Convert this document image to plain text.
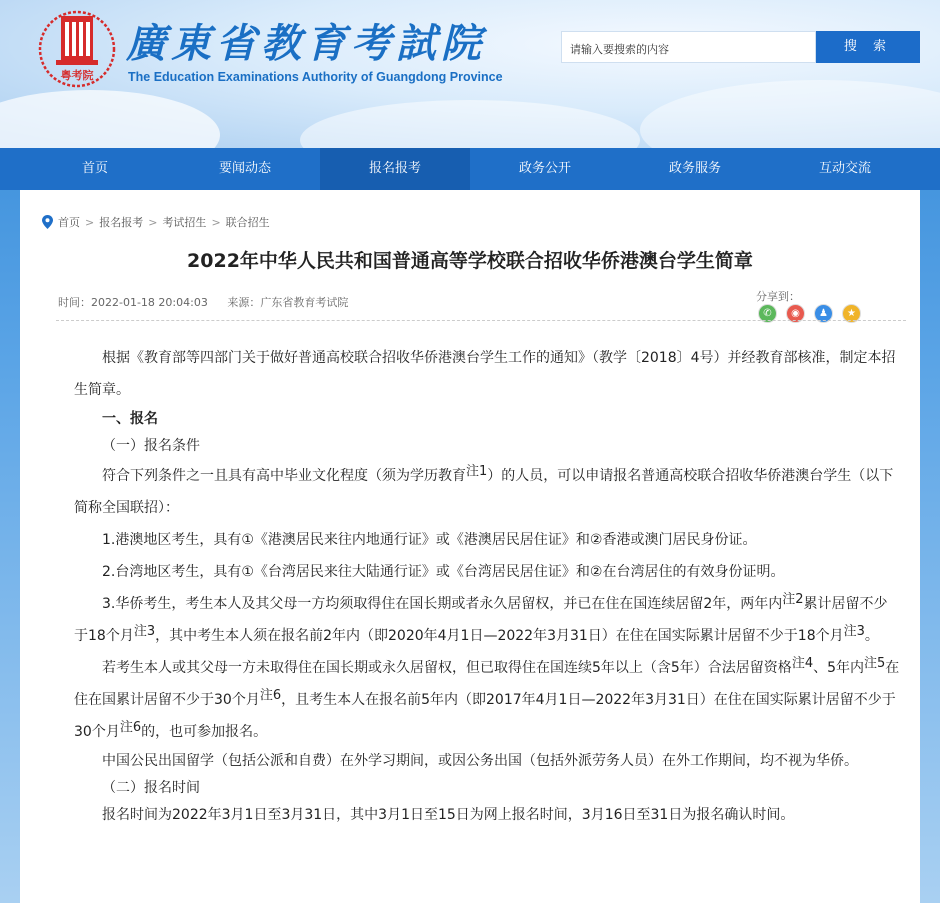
粤考院
廣東省教育考試院
The Education Examinations Authority of Guangdong Province
请输入要搜索的内容	搜 索
首页	要闻动态	报名报考	政务公开	政务服务	互动交流
首页 > 报名报考 > 考试招生 > 联合招生
2022年中华人民共和国普通高等学校联合招收华侨港澳台学生简章
时间：2022-01-18 20:04:03 来源：广东省教育考试院	分享到：
✆	◉	♟	★

根据《教育部等四部门关于做好普通高校联合招收华侨港澳台学生工作的通知》（教学〔2018〕4号）并经教育部核准，制定本招生简章。

一、报名

（一）报名条件

符合下列条件之一且具有高中毕业文化程度（须为学历教育$^{注1}$）的人员，可以申请报名普通高校联合招收华侨港澳台学生（以下简称全国联招）：

1.港澳地区考生，具有①《港澳居民来往内地通行证》或《港澳居民居住证》和②香港或澳门居民身份证。

2.台湾地区考生，具有①《台湾居民来往大陆通行证》或《台湾居民居住证》和②在台湾居住的有效身份证明。

3.华侨考生，考生本人及其父母一方均须取得住在国长期或者永久居留权，并已在住在国连续居留2年，两年内$^{注2}$累计居留不少于18个月$^{注3}$，其中考生本人须在报名前2年内（即2020年4月1日—2022年3月31日）在住在国实际累计居留不少于18个月$^{注3}$。

若考生本人或其父母一方未取得住在国长期或永久居留权，但已取得住在国连续5年以上（含5年）合法居留资格$^{注4}$、5年内$^{注5}$在住在国累计居留不少于30个月$^{注6}$，且考生本人在报名前5年内（即2017年4月1日—2022年3月31日）在住在国实际累计居留不少于30个月$^{注6}$的，也可参加报名。

中国公民出国留学（包括公派和自费）在外学习期间，或因公务出国（包括外派劳务人员）在外工作期间，均不视为华侨。

（二）报名时间

报名时间为2022年3月1日至3月31日，其中3月1日至15日为网上报名时间，3月16日至31日为报名确认时间。
